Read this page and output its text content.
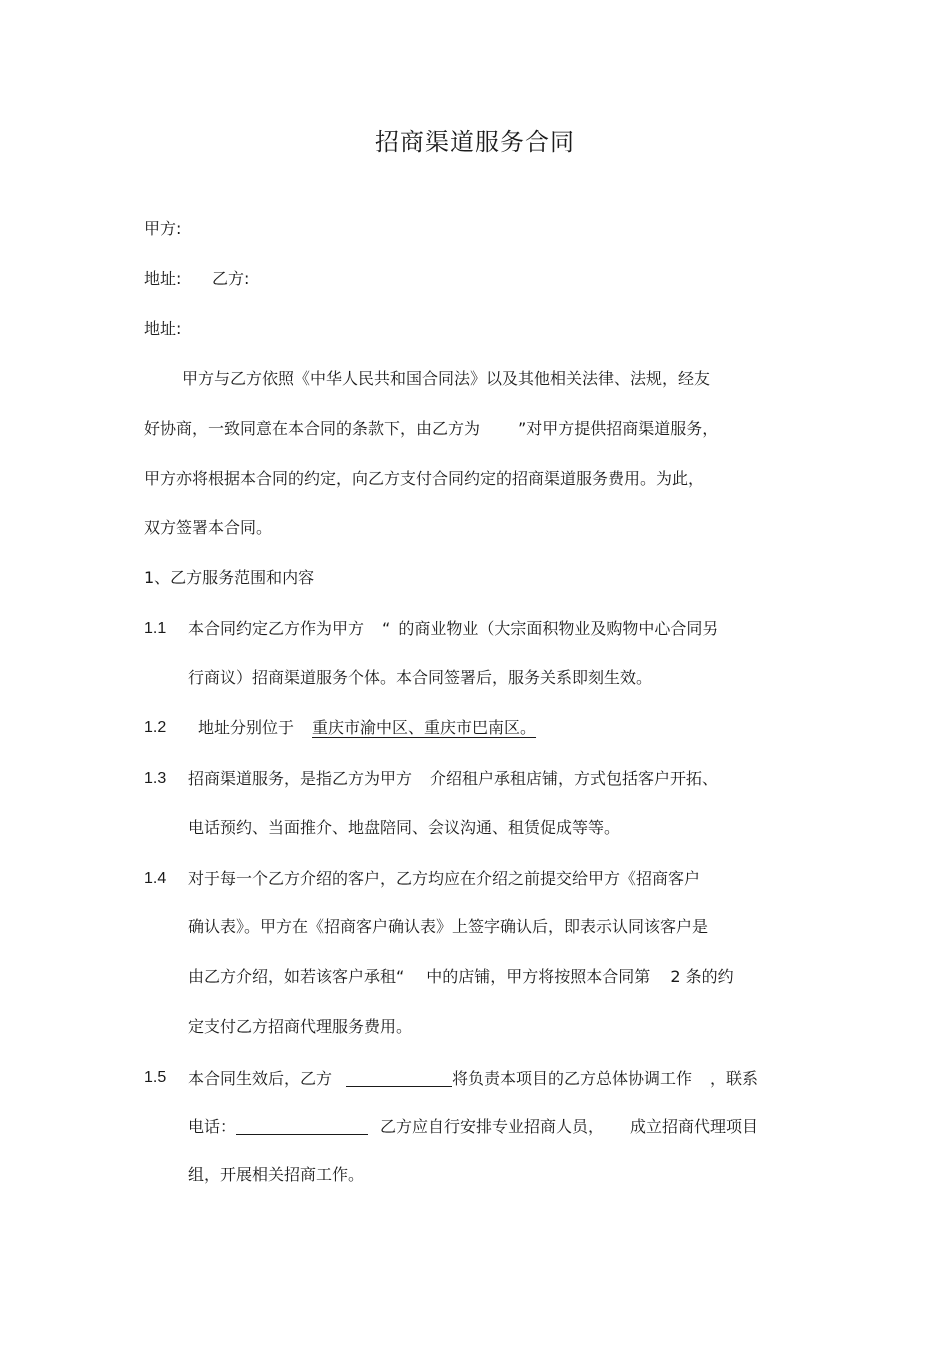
招商渠道服务合同
甲方:
地址: 乙方:
地址:
甲方与乙方依照《中华人民共和国合同法》以及其他相关法律、法规，经友
好协商，一致同意在本合同的条款下，由乙方为 ”对甲方提供招商渠道服务，
甲方亦将根据本合同的约定，向乙方支付合同约定的招商渠道服务费用。为此，
双方签署本合同。
1、乙方服务范围和内容
1.1 本合同约定乙方作为甲方 “ 的商业物业（大宗面积物业及购物中心合同另
行商议）招商渠道服务个体。本合同签署后，服务关系即刻生效。
1.2 地址分别位于 重庆市渝中区、重庆市巴南区。
1.3 招商渠道服务，是指乙方为甲方 介绍租户承租店铺，方式包括客户开拓、
电话预约、当面推介、地盘陪同、会议沟通、租赁促成等等。
1.4 对于每一个乙方介绍的客户，乙方均应在介绍之前提交给甲方《招商客户
确认表》。甲方在《招商客户确认表》上签字确认后，即表示认同该客户是
由乙方介绍，如若该客户承租“ 中的店铺，甲方将按照本合同第 2 条的约
定支付乙方招商代理服务费用。
1.5 本合同生效后，乙方	将负责本项目的乙方总体协调工作 ，联系
电话：	乙方应自行安排专业招商人员， 成立招商代理项目
组，开展相关招商工作。
